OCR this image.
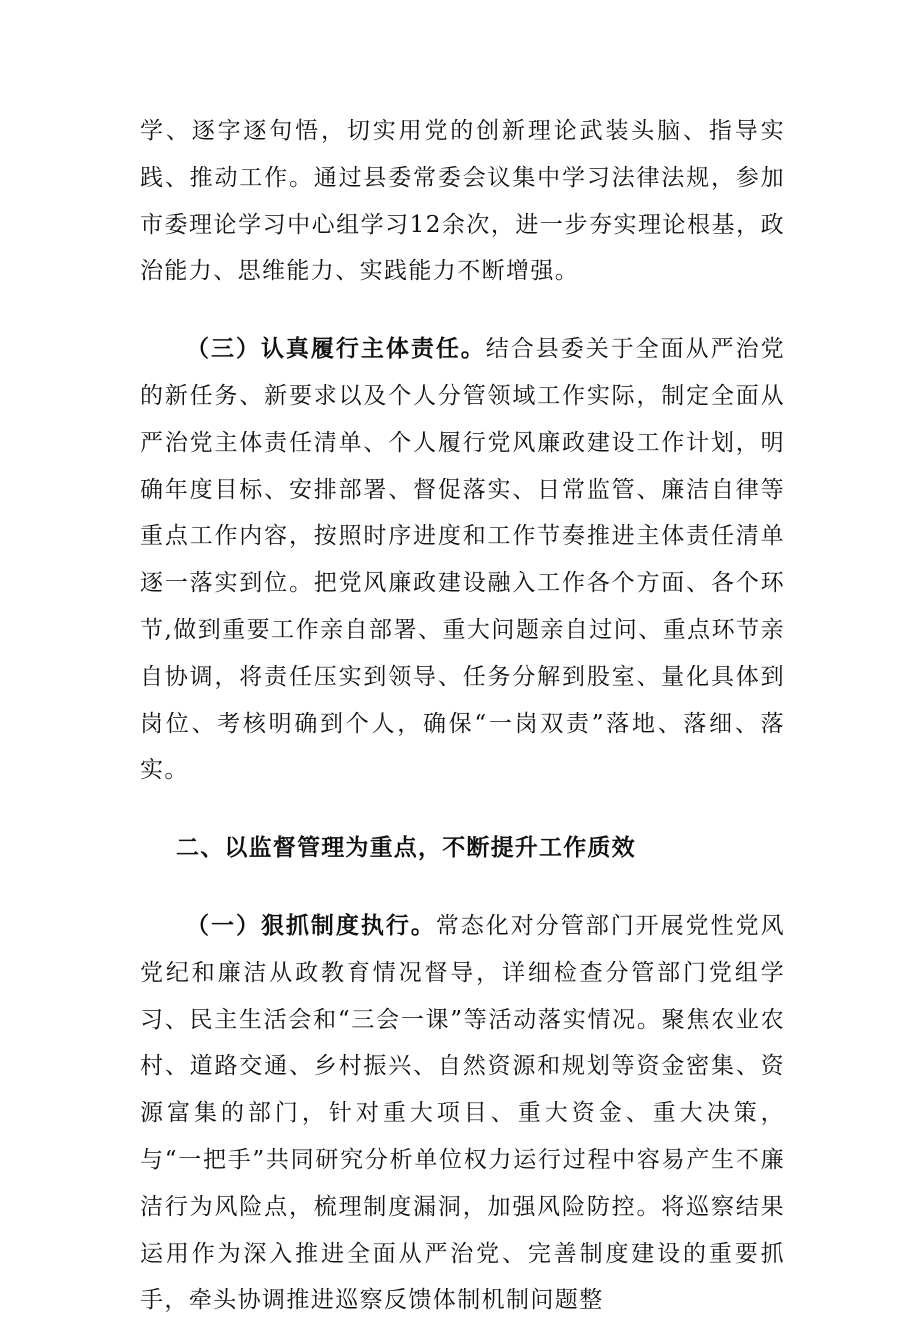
学、逐字逐句悟，切实用党的创新理论武装头脑、指导实践、推动工作。通过县委常委会议集中学习法律法规，参加市委理论学习中心组学习12余次，进一步夯实理论根基，政治能力、思维能力、实践能力不断增强。

（三）认真履行主体责任。结合县委关于全面从严治党的新任务、新要求以及个人分管领域工作实际，制定全面从严治党主体责任清单、个人履行党风廉政建设工作计划，明确年度目标、安排部署、督促落实、日常监管、廉洁自律等重点工作内容，按照时序进度和工作节奏推进主体责任清单逐一落实到位。把党风廉政建设融入工作各个方面、各个环节,做到重要工作亲自部署、重大问题亲自过问、重点环节亲自协调，将责任压实到领导、任务分解到股室、量化具体到岗位、考核明确到个人，确保“一岗双责”落地、落细、落实。

二、以监督管理为重点，不断提升工作质效

（一）狠抓制度执行。常态化对分管部门开展党性党风党纪和廉洁从政教育情况督导，详细检查分管部门党组学习、民主生活会和“三会一课”等活动落实情况。聚焦农业农村、道路交通、乡村振兴、自然资源和规划等资金密集、资源富集的部门，针对重大项目、重大资金、重大决策，与“一把手”共同研究分析单位权力运行过程中容易产生不廉洁行为风险点，梳理制度漏洞，加强风险防控。将巡察结果运用作为深入推进全面从严治党、完善制度建设的重要抓手，牵头协调推进巡察反馈体制机制问题整
